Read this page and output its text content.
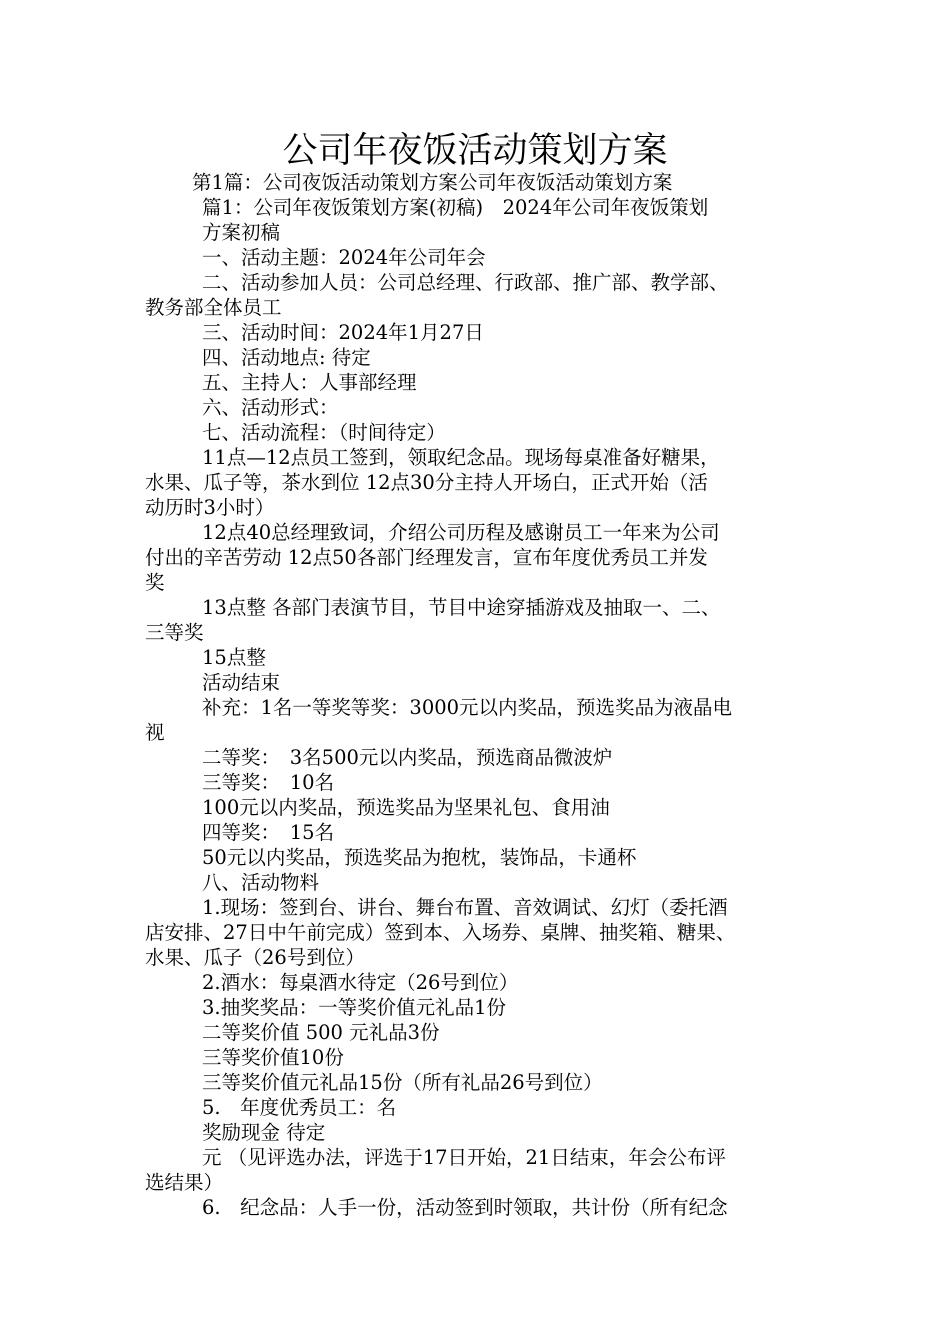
公司年夜饭活动策划方案
第1篇：公司夜饭活动策划方案公司年夜饭活动策划方案
篇1：公司年夜饭策划方案(初稿)　2024年公司年夜饭策划
方案初稿
一、活动主题：2024年公司年会
二、活动参加人员：公司总经理、行政部、推广部、教学部、
教务部全体员工
三、活动时间：2024年1月27日
四、活动地点: 待定
五、主持人：人事部经理
六、活动形式：
七、活动流程：（时间待定）
11点—12点员工签到，领取纪念品。现场每桌准备好糖果，
水果、瓜子等，茶水到位 12点30分主持人开场白，正式开始（活
动历时3小时）
12点40总经理致词，介绍公司历程及感谢员工一年来为公司
付出的辛苦劳动 12点50各部门经理发言，宣布年度优秀员工并发
奖
13点整 各部门表演节目，节目中途穿插游戏及抽取一、二、
三等奖
15点整
活动结束
补充：1名一等奖等奖：3000元以内奖品，预选奖品为液晶电
视
二等奖：　3名500元以内奖品，预选商品微波炉
三等奖：　10名
100元以内奖品，预选奖品为坚果礼包、食用油
四等奖：　15名
50元以内奖品，预选奖品为抱枕，装饰品，卡通杯
八、活动物料
1.现场：签到台、讲台、舞台布置、音效调试、幻灯（委托酒
店安排、27日中午前完成）签到本、入场券、桌牌、抽奖箱、糖果、
水果、瓜子（26号到位）
2.酒水：每桌酒水待定（26号到位）
3.抽奖奖品：一等奖价值元礼品1份
二等奖价值 500 元礼品3份
三等奖价值10份
三等奖价值元礼品15份（所有礼品26号到位）
5.　年度优秀员工：名
奖励现金 待定
元 （见评选办法，评选于17日开始，21日结束，年会公布评
选结果）
6.　纪念品：人手一份，活动签到时领取，共计份（所有纪念
